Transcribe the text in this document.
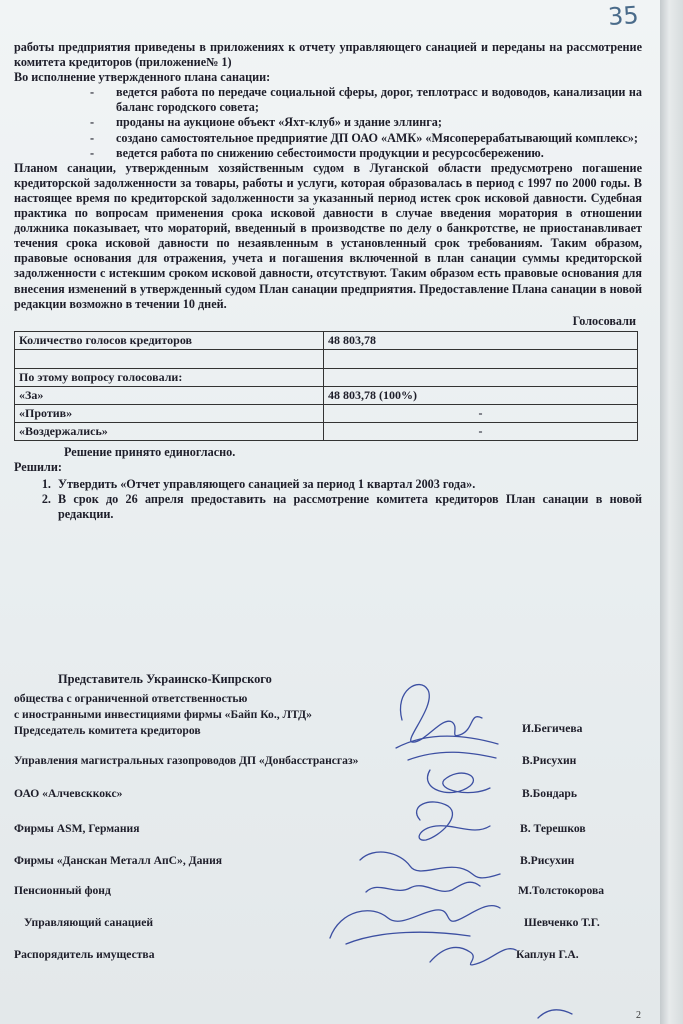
35

работы предприятия приведены в приложениях к отчету управляющего санацией и переданы на рассмотрение комитета кредиторов (приложение№ 1)

Во исполнение утвержденного плана санации:

- ведется работа по передаче социальной сферы, дорог, теплотрасс и водоводов, канализации на баланс городского совета;
- проданы на аукционе объект «Яхт-клуб» и здание эллинга;
- создано самостоятельное предприятие ДП ОАО «АМК» «Мясоперерабатывающий комплекс»;
- ведется работа по снижению себестоимости продукции и ресурсосбережению.

Планом санации, утвержденным хозяйственным судом в Луганской области предусмотрено погашение кредиторской задолженности за товары, работы и услуги, которая образовалась в период с 1997 по 2000 годы. В настоящее время по кредиторской задолженности за указанный период истек срок исковой давности. Судебная практика по вопросам применения срока исковой давности в случае введения моратория в отношении должника показывает, что мораторий, введенный в производстве по делу о банкротстве, не приостанавливает течения срока исковой давности по незаявленным в установленный срок требованиям. Таким образом, правовые основания для отражения, учета и погашения включенной в план санации суммы кредиторской задолженности с истекшим сроком исковой давности, отсутствуют. Таким образом есть правовые основания для внесения изменений в утвержденный судом План санации предприятия. Предоставление Плана санации в новой редакции возможно в течении 10 дней.

Голосовали
Количество голосов кредиторов	48 803,78

По этому вопросу голосовали:	
«За»	48 803,78 (100%)
«Против»	-
«Воздержались»	-
Решение принято единогласно.
Решили:
1. Утвердить «Отчет управляющего санацией за период 1 квартал 2003 года».
2. В срок до 26 апреля предоставить на рассмотрение комитета кредиторов План санации в новой редакции.
Представитель Украинско-Кипрского
общества с ограниченной ответственностью
с иностранными инвестициями фирмы «Байп Ко., ЛТД»
Председатель комитета кредиторов	И.Бегичева
Управления магистральных газопроводов ДП «Донбасстрансгаз»	В.Рисухин
ОАО «Алчевсккокс»	В.Бондарь
Фирмы ASM, Германия	В. Терешков
Фирмы «Данскан Металл АпС», Дания	В.Рисухин
Пенсионный фонд	М.Толстокорова
Управляющий санацией	Шевченко Т.Г.
Распорядитель имущества	Каплун Г.А.
2
